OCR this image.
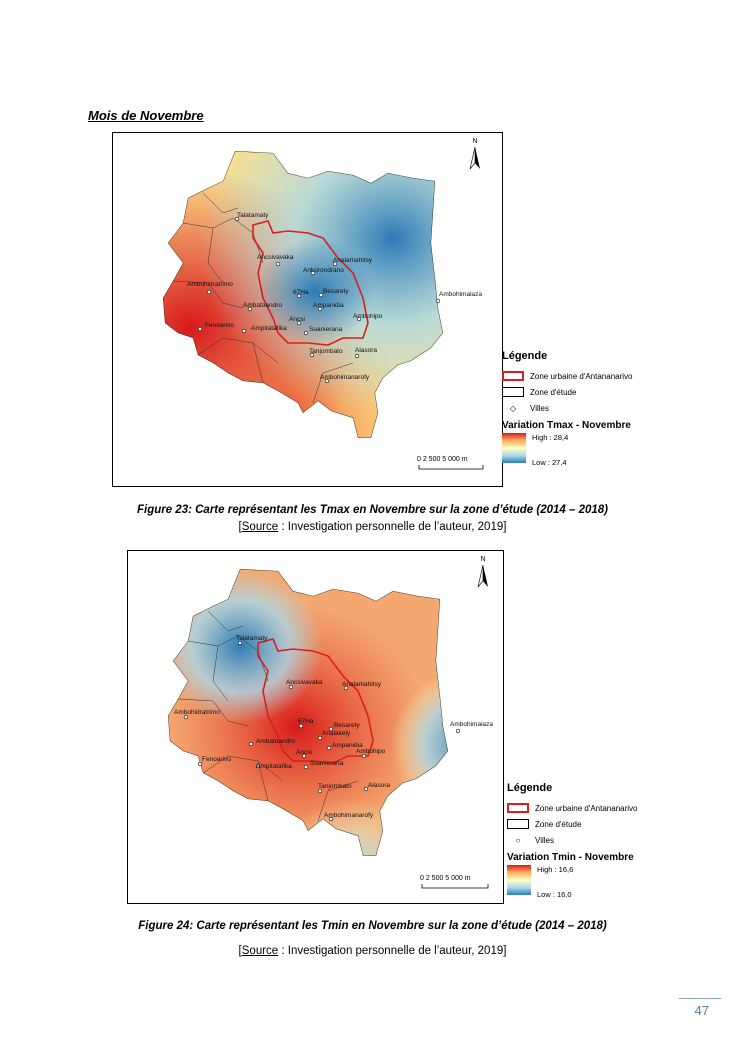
Mois de Novembre
Talatamaty
Ancsivavaka	Analamahitsy
Ankorondrano
Ambohidratrimo
67Ha Besarety
Ampanidia
Ambohimalaza
Ambatoandro
Ancsi	Ambohipo
Fenoarivo	Ampitatafika	Soanierana
Tanjombato Alasora
Ambohimanarofy
N
0 2 500 5 000 m
Légende
Zone urbaine d'Antananarivo
Zone d'étude
◇	Villes
Variation Tmax - Novembre
High : 28,4
Low : 27,4
Figure 23: Carte représentant les Tmax en Novembre sur la zone d’étude (2014 – 2018)
[Source : Investigation personnelle de l’auteur, 2019]
Talatamaty
Ancsivavaka	Analamahitsy
Ambohidratrimo
67Ha
Besarety
Analakely
Ambohimalaza
Ambatoandro
Ampanidia
Ancsi	Ambohipo
Fenoarivo
Ampitatafika	Soanierana
Tanjombato	Alasora
Ambohimanarofy
N
0 2 500 5 000 m
Légende
Zone urbaine d'Antananarivo
Zone d'étude
○	Villes
Variation Tmin - Novembre
High : 16,6
Low : 16,0
Figure 24: Carte représentant les Tmin en Novembre sur la zone d’étude (2014 – 2018)
[Source : Investigation personnelle de l’auteur, 2019]
47
